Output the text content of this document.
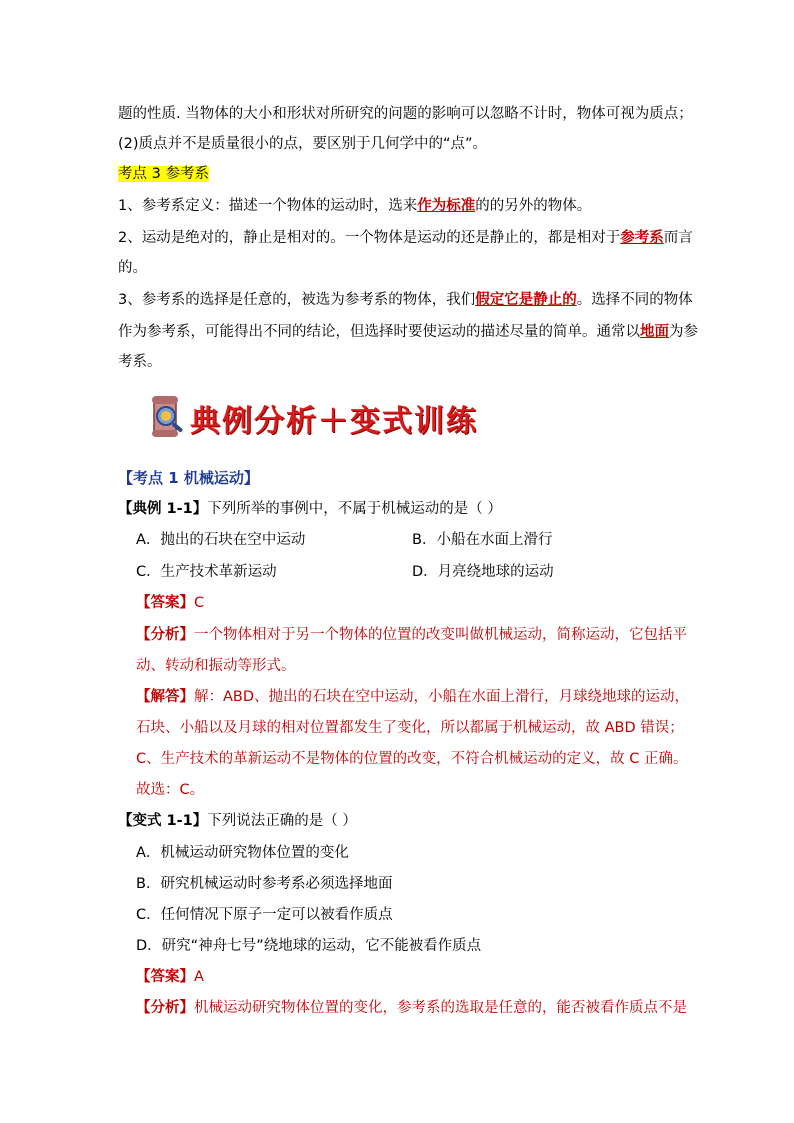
题的性质. 当物体的大小和形状对所研究的问题的影响可以忽略不计时，物体可视为质点；
(2)质点并不是质量很小的点，要区别于几何学中的“点”。
考点 3 参考系
1、参考系定义：描述一个物体的运动时，选来作为标准的的另外的物体。
2、运动是绝对的，静止是相对的。一个物体是运动的还是静止的，都是相对于参考系而言
的。
3、参考系的选择是任意的，被选为参考系的物体，我们假定它是静止的。选择不同的物体
作为参考系，可能得出不同的结论，但选择时要使运动的描述尽量的简单。通常以地面为参
考系。
典例分析＋变式训练
【考点 1 机械运动】
【典例 1-1】下列所举的事例中，不属于机械运动的是（ ）
A．抛出的石块在空中运动	B．小船在水面上滑行
C．生产技术革新运动	D．月亮绕地球的运动
【答案】C
【分析】一个物体相对于另一个物体的位置的改变叫做机械运动，简称运动，它包括平
动、转动和振动等形式。
【解答】解：ABD、抛出的石块在空中运动，小船在水面上滑行，月球绕地球的运动，
石块、小船以及月球的相对位置都发生了变化，所以都属于机械运动，故 ABD 错误；
C、生产技术的革新运动不是物体的位置的改变，不符合机械运动的定义，故 C 正确。
故选：C。
【变式 1-1】下列说法正确的是（ ）
A．机械运动研究物体位置的变化
B．研究机械运动时参考系必须选择地面
C．任何情况下原子一定可以被看作质点
D．研究“神舟七号”绕地球的运动，它不能被看作质点
【答案】A
【分析】机械运动研究物体位置的变化，参考系的选取是任意的，能否被看作质点不是
